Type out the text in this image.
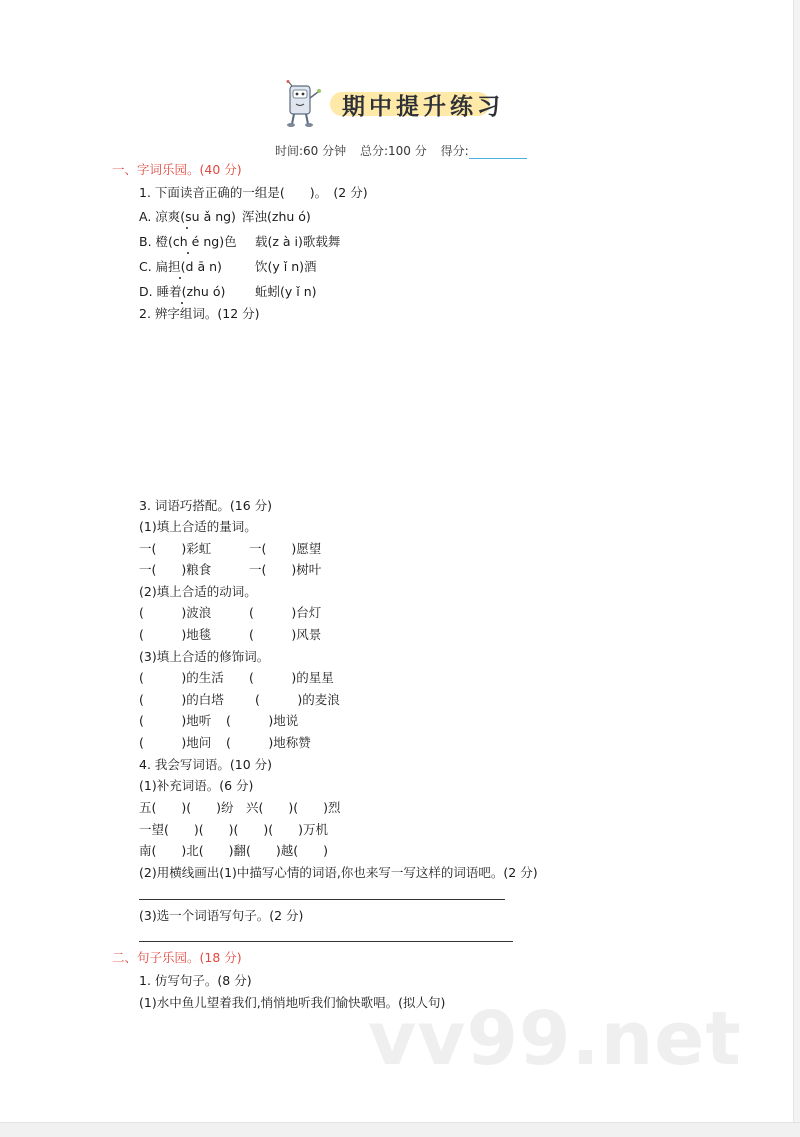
期中提升练习
时间:60 分钟 总分:100 分 得分:
一、字词乐园。(40 分)
1. 下面读音正确的一组是(　　)。　(2 分)
A. 凉爽(su ǎ ng) 浑浊(zhu ó)
B. 橙(ch é ng)色 载(z à i)歌载舞
C. 扁担(d ā n)	饮(y ǐ n)酒
D. 睡着(zhu ó) 蚯蚓(y ǐ n)
2. 辨字组词。(12 分)
3. 词语巧搭配。(16 分)
(1)填上合适的量词。
一(　　)彩虹	一(　　)愿望
一(　　)粮食	一(　　)树叶
(2)填上合适的动词。
(　　　)波浪	(　　　)台灯
(　　　)地毯	(　　　)风景
(3)填上合适的修饰词。
(　　　)的生活 (　　　)的星星
(　　　)的白塔 (　　　)的麦浪
(　　　)地听 (　　　)地说
(　　　)地问 (　　　)地称赞
4. 我会写词语。(10 分)
(1)补充词语。(6 分)
五(　　)(　　)纷　兴(　　)(　　)烈
一望(　　)(　　)(　　)(　　)万机
南(　　)北(　　)翻(　　)越(　　)
(2)用横线画出(1)中描写心情的词语,你也来写一写这样的词语吧。(2 分)
(3)选一个词语写句子。(2 分)
二、句子乐园。(18 分)
1. 仿写句子。(8 分)
(1)水中鱼儿望着我们,悄悄地听我们愉快歌唱。(拟人句)
vv99.net
